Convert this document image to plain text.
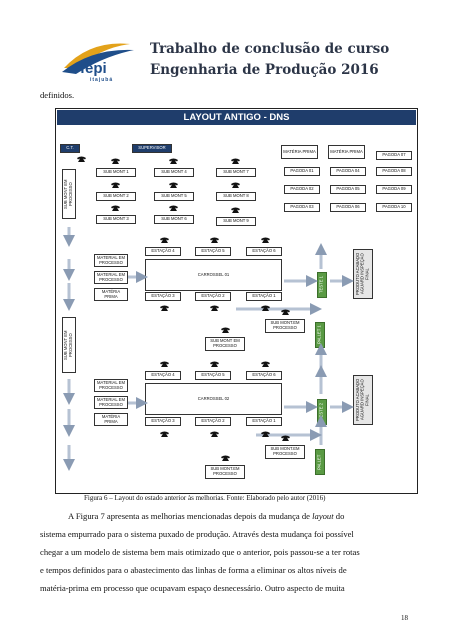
fepi
itajubá
Trabalho de conclusão de curso
Engenharia de Produção 2016
definidos.
LAYOUT ANTIGO - DNS
C.T.	SUPERVISOR
MATÉRIA PRIMA	MATÉRIA PRIMA
PAGODA 07
PAGODA 01	PAGODA 04	PAGODA 08
PAGODA 02	PAGODA 05	PAGODA 09
PAGODA 03	PAGODA 06	PAGODA 10
SUB MONT 1	SUB MONT 4	SUB MONT 7
SUB MONT 2	SUB MONT 5	SUB MONT 8
SUB MONT 3	SUB MONT 6	SUB MONT 9
SUB MONT EM PROCESSO
MATERIAL EM PROCESSO
MATERIAL EM PROCESSO
MATÉRIA PRIMA
ESTAÇÃO 4	ESTAÇÃO 5	ESTAÇÃO 6
CARROSSEL 01
ESTAÇÃO 3	ESTAÇÃO 2	ESTAÇÃO 1
TESTE 1	PRODUTO ACABADO AGUARD INSPEÇÃO FINAL
SUB MONT.EM PROCESSO	PALLET 1
SUB MONT EM PROCESSO
SUB MONT EM PROCESSO
ESTAÇÃO 4	ESTAÇÃO 5	ESTAÇÃO 6
MATERIAL EM PROCESSO
MATERIAL EM PROCESSO
MATÉRIA PRIMA
CARROSSEL 02
ESTAÇÃO 3	ESTAÇÃO 2	ESTAÇÃO 1
TESTE 2	PRODUTO ACABADO AGUARD INSPEÇÃO FINAL
SUB MONT.EM PROCESSO
PALLET
SUB MONT.EM PROCESSO
Figura 6 – Layout do estado anterior às melhorias. Fonte: Elaborado pelo autor (2016)
A Figura 7 apresenta as melhorias mencionadas depois da mudança de layout do
sistema empurrado para o sistema puxado de produção. Através desta mudança foi possível
chegar a um modelo de sistema bem mais otimizado que o anterior, pois passou-se a ter rotas
e tempos definidos para o abastecimento das linhas de forma a eliminar os altos níveis de
matéria-prima em processo que ocupavam espaço desnecessário. Outro aspecto de muita
18
